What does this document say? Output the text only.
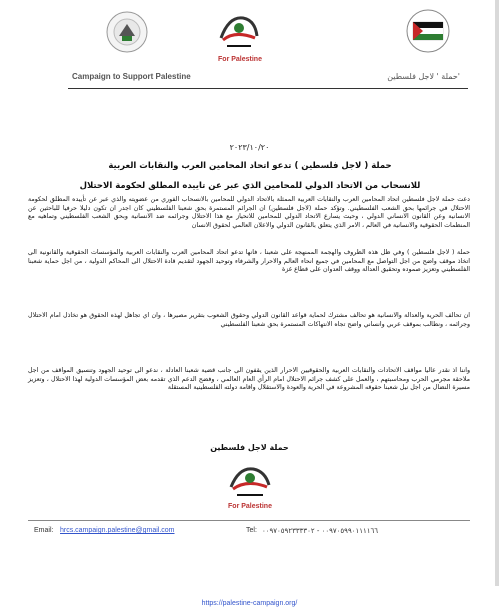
For Palestine
Campaign to Support Palestine	حملة ' لاجل فلسطين'
٢٠٢٣/١٠/٢٠
حملة ( لاجل فلسطين ) تدعو اتحاد المحامين العرب والنقابات العربية
للانسحاب من الاتحاد الدولي للمحامين الذي عبر عن تاييده المطلق لحكومة الاحتلال
دعت حملة لاجل فلسطين اتحاد المحامين العرب والنقابات العربية الممثلة بالاتحاد الدولي للمحامين بالانسحاب الفوري من عضويته والذي عبر عن تأييده المطلق لحكومة الاحتلال في جرائمها بحق الشعب الفلسطيني. وتؤكد حملة (لاجل فلسطين) ان الجرائم المستمرة بحق شعبنا الفلسطيني كان اجدر ان تكون دليلا حرفيا للباحثين عن الانسانية وعن القانون الانساني الدولي ، وحيث يسارع الاتحاد الدولي للمحامين للانحياز مع هذا الاحتلال وجرائمه ضد الانسانية وبحق الشعب الفلسطيني وتماهيه مع المنظمات الحقوقية والانسانية في العالم ، الامر الذي يتعلق بالقانون الدولي والاعلان العالمي لحقوق الانسان
حملة ( لاجل فلسطين ) وفي ظل هذه الظروف والهجمة الممنهجة على شعبنا ، فانها تدعو اتحاد المحامين العرب والنقابات العربية والمؤسسات الحقوقية والقانونية الى اتخاذ موقف واضح من اجل التواصل مع المحامين في جميع انحاء العالم والاحرار والشرفاء وتوحيد الجهود لتقديم قادة الاحتلال الى المحاكم الدولية ، من اجل حماية شعبنا الفلسطيني وتعزيز صموده وتحقيق العدالة ووقف العدوان على قطاع غزة
ان تحالف الحرية والعدالة والانسانية هو تحالف مشترك لحماية قواعد القانون الدولي وحقوق الشعوب بتقرير مصيرها ، وان اي تجاهل لهذه الحقوق هو تخاذل امام الاحتلال وجرائمه ، ونطالب بموقف عربي وانساني واضح تجاه الانتهاكات المستمرة بحق شعبنا الفلسطيني
واننا اذ نقدر عاليا مواقف الاتحادات والنقابات العربية والحقوقيين الاحرار الذين يقفون الى جانب قضية شعبنا العادلة ، ندعو الى توحيد الجهود وتنسيق المواقف من اجل ملاحقة مجرمي الحرب ومحاسبتهم ، والعمل على كشف جرائم الاحتلال امام الرأي العام العالمي ، وفضح الدعم الذي تقدمه بعض المؤسسات الدولية لهذا الاحتلال ، وتعزيز مسيرة النضال من اجل نيل شعبنا حقوقه المشروعة في الحرية والعودة والاستقلال واقامة دولته الفلسطينية المستقلة
حملة لاجل فلسطين
For Palestine
Email: hrcs.campaign.palestine@gmail.com	Tel: ٠٠٩٧٠٥٩٩٠١١١١٦٦ - ٠٠٩٧٠٥٩٢٣٣٣٣٠٢
https://palestine-campaign.org/
